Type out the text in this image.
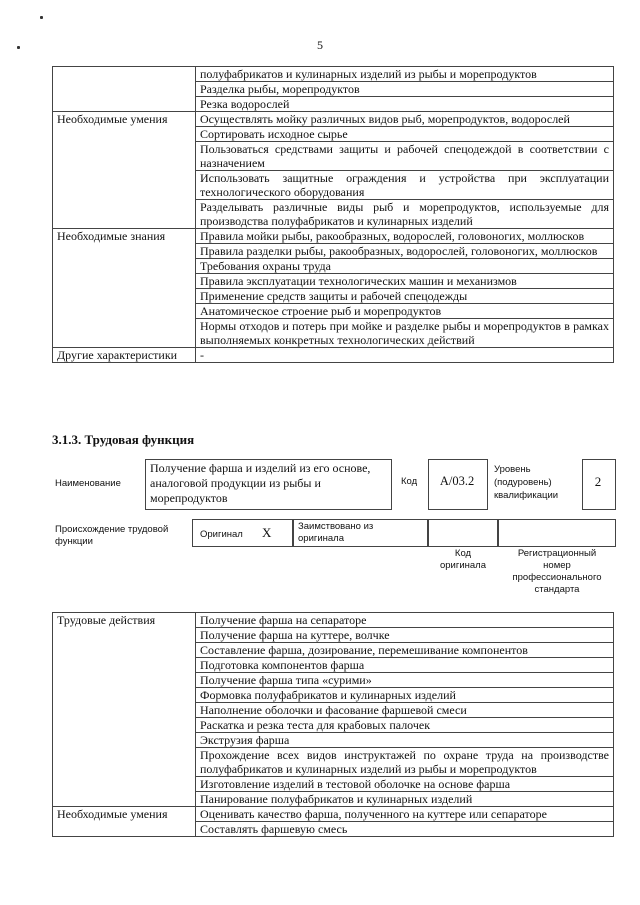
5
	полуфабрикатов и кулинарных изделий из рыбы и морепродуктов
	Разделка рыбы, морепродуктов
	Резка водорослей
Необходимые умения	Осуществлять мойку различных видов рыб, морепродуктов, водорослей
	Сортировать исходное сырье
	Пользоваться средствами защиты и рабочей спецодеждой в соответствии с назначением
	Использовать защитные ограждения и устройства при эксплуатации технологического оборудования
	Разделывать различные виды рыб и морепродуктов, используемые для производства полуфабрикатов и кулинарных изделий
Необходимые знания	Правила мойки рыбы, ракообразных, водорослей, головоногих, моллюсков
	Правила разделки рыбы, ракообразных, водорослей, головоногих, моллюсков
	Требования охраны труда
	Правила эксплуатации технологических машин и механизмов
	Применение средств защиты и рабочей спецодежды
	Анатомическое строение рыб и морепродуктов
	Нормы отходов и потерь при мойке и разделке рыбы и морепродуктов в рамках выполняемых конкретных технологических действий
Другие характеристики	-
3.1.3. Трудовая функция
Наименование
Получение фарша и изделий из его основе, аналоговой продукции из рыбы и морепродуктов
Код	А/03.2
Уровень (подуровень) квалификации
2
Происхождение трудовой функции
Оригинал X	Заимствовано из оригинала
Код оригинала
Регистрационный номер профессионального стандарта
Трудовые действия	Получение фарша на сепараторе
	Получение фарша на куттере, волчке
	Составление фарша, дозирование, перемешивание компонентов
	Подготовка компонентов фарша
	Получение фарша типа «сурими»
	Формовка полуфабрикатов и кулинарных изделий
	Наполнение оболочки и фасование фаршевой смеси
	Раскатка и резка теста для крабовых палочек
	Экструзия фарша
	Прохождение всех видов инструктажей по охране труда на производстве полуфабрикатов и кулинарных изделий из рыбы и морепродуктов
	Изготовление изделий в тестовой оболочке на основе фарша
	Панирование полуфабрикатов и кулинарных изделий
Необходимые умения	Оценивать качество фарша, полученного на куттере или сепараторе
	Составлять фаршевую смесь
